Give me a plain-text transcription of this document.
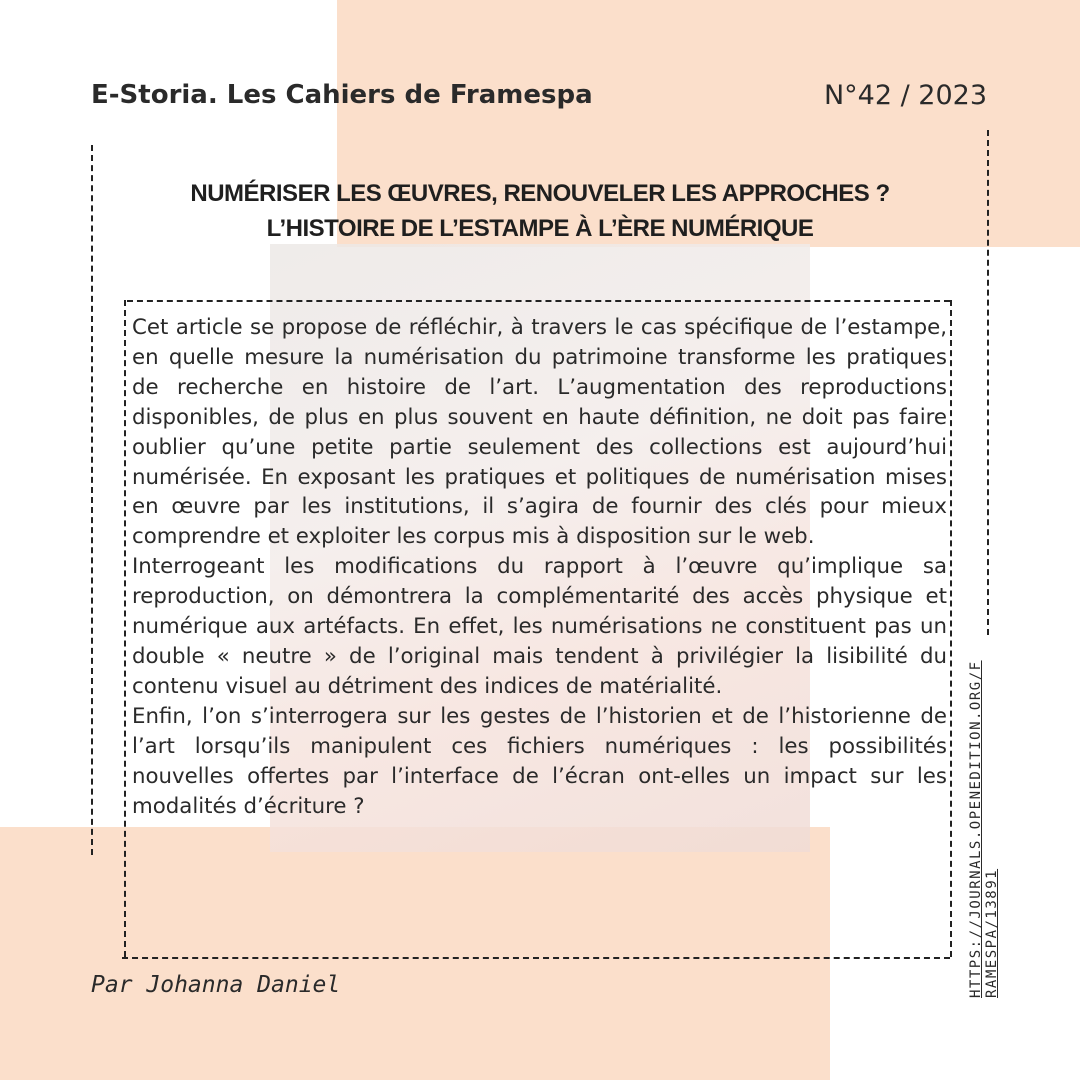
E-Storia. Les Cahiers de Framespa	N°42 / 2023
NUMÉRISER LES ŒUVRES, RENOUVELER LES APPROCHES ? L’HISTOIRE DE L’ESTAMPE À L’ÈRE NUMÉRIQUE

Cet article se propose de réfléchir, à travers le cas spécifique de l’estampe, en quelle mesure la numérisation du patrimoine transforme les pratiques de recherche en histoire de l’art. L’augmentation des reproductions disponibles, de plus en plus souvent en haute définition, ne doit pas faire oublier qu’une petite partie seulement des collections est aujourd’hui numérisée. En exposant les pratiques et politiques de numérisation mises en œuvre par les institutions, il s’agira de fournir des clés pour mieux comprendre et exploiter les corpus mis à disposition sur le web.

Interrogeant les modifications du rapport à l’œuvre qu’implique sa reproduction, on démontrera la complémentarité des accès physique et numérique aux artéfacts. En effet, les numérisations ne constituent pas un double « neutre » de l’original mais tendent à privilégier la lisibilité du contenu visuel au détriment des indices de matérialité.

Enfin, l’on s’interrogera sur les gestes de l’historien et de l’historienne de l’art lorsqu’ils manipulent ces fichiers numériques : les possibilités nouvelles offertes par l’interface de l’écran ont-elles un impact sur les modalités d’écriture ?

Par Johanna Daniel	HTTPS://JOURNALS.OPENEDITION.ORG/FRAMESPA/13891
